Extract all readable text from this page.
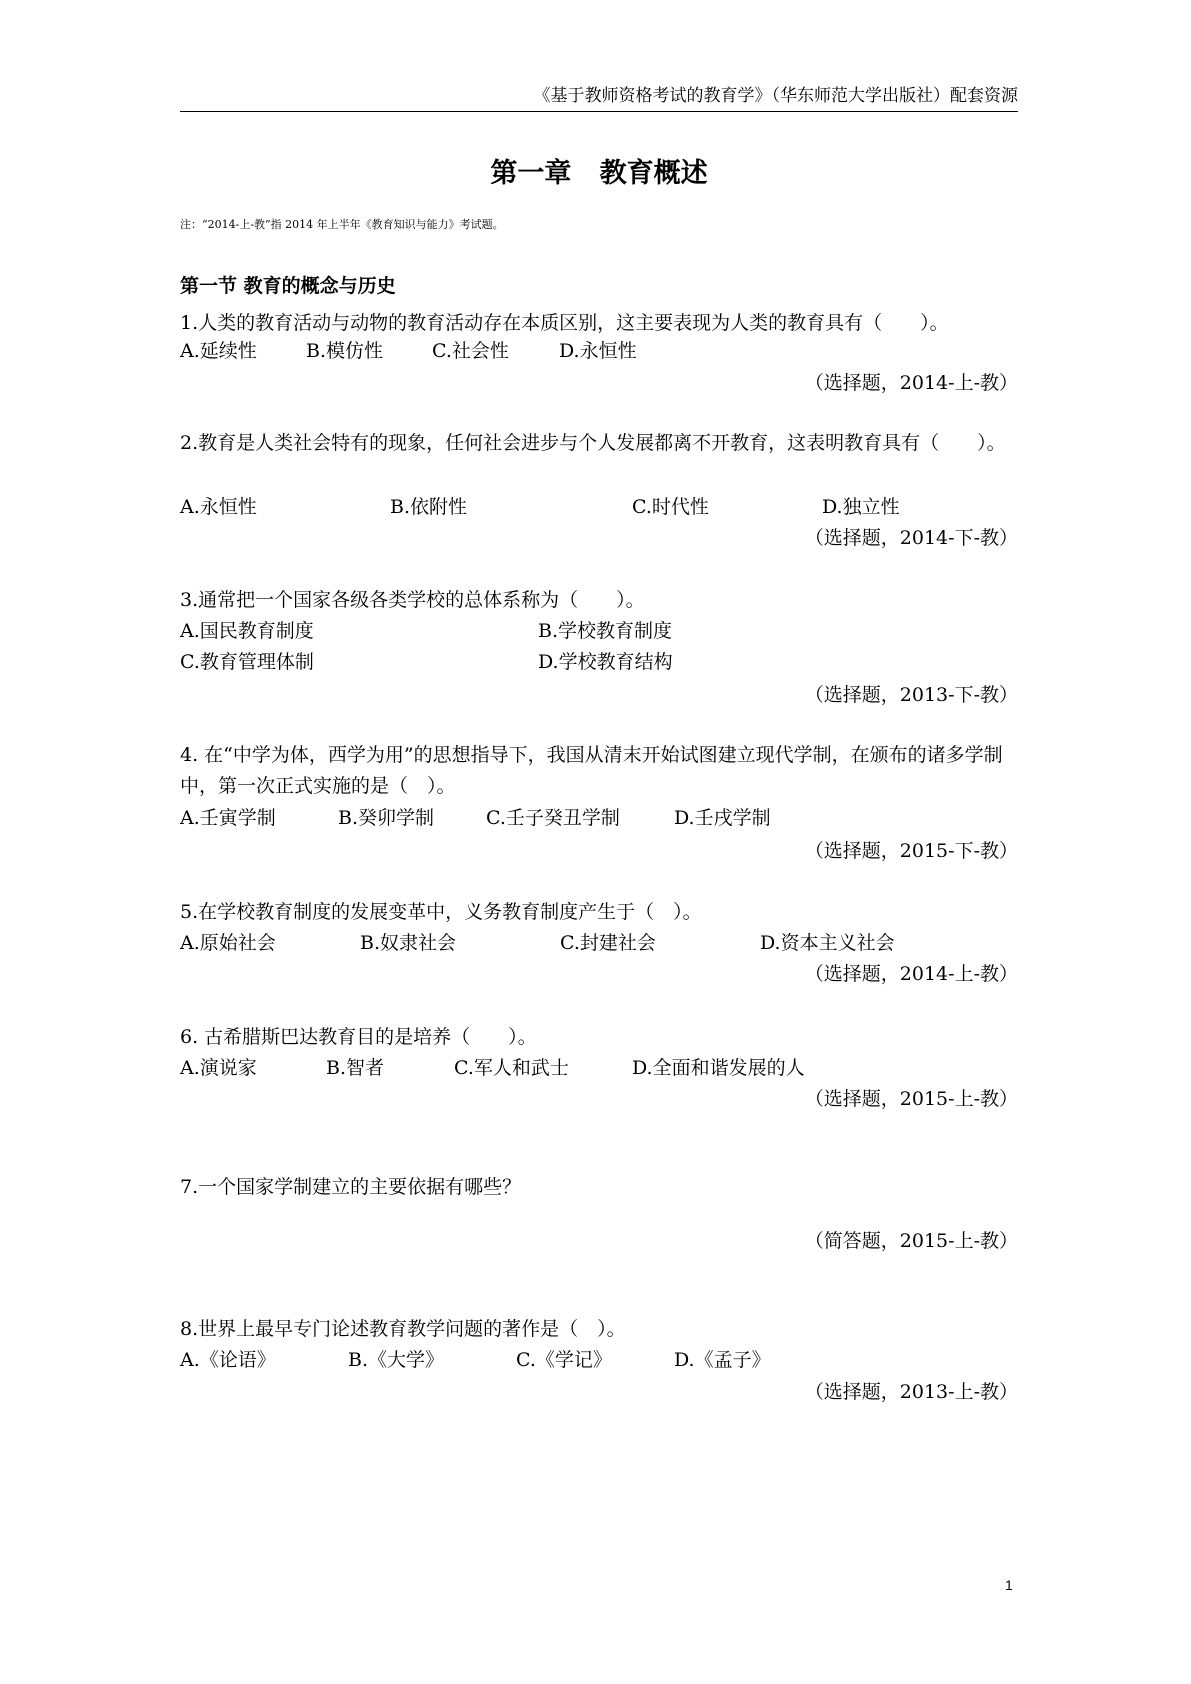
《基于教师资格考试的教育学》（华东师范大学出版社）配套资源
第一章   教育概述
注：“2014-上-教”指 2014 年上半年《教育知识与能力》考试题。
第一节 教育的概念与历史
1.人类的教育活动与动物的教育活动存在本质区别，这主要表现为人类的教育具有（　　）。
A.延续性	B.模仿性	C.社会性	D.永恒性
（选择题，2014-上-教）
2.教育是人类社会特有的现象，任何社会进步与个人发展都离不开教育，这表明教育具有（　　）。
A.永恒性	B.依附性	C.时代性	D.独立性
（选择题，2014-下-教）
3.通常把一个国家各级各类学校的总体系称为（　　）。
A.国民教育制度	B.学校教育制度
C.教育管理体制	D.学校教育结构
（选择题，2013-下-教）
4. 在“中学为体，西学为用”的思想指导下，我国从清末开始试图建立现代学制，在颁布的诸多学制中，第一次正式实施的是（　）。
A.壬寅学制	B.癸卯学制	C.壬子癸丑学制	D.壬戌学制
（选择题，2015-下-教）
5.在学校教育制度的发展变革中，义务教育制度产生于（　）。
A.原始社会	B.奴隶社会	C.封建社会	D.资本主义社会
（选择题，2014-上-教）
6. 古希腊斯巴达教育目的是培养（　　）。
A.演说家	B.智者	C.军人和武士	D.全面和谐发展的人
（选择题，2015-上-教）
7.一个国家学制建立的主要依据有哪些？
（简答题，2015-上-教）
8.世界上最早专门论述教育教学问题的著作是（　）。
A.《论语》	B.《大学》	C.《学记》	D.《孟子》
（选择题，2013-上-教）
1
